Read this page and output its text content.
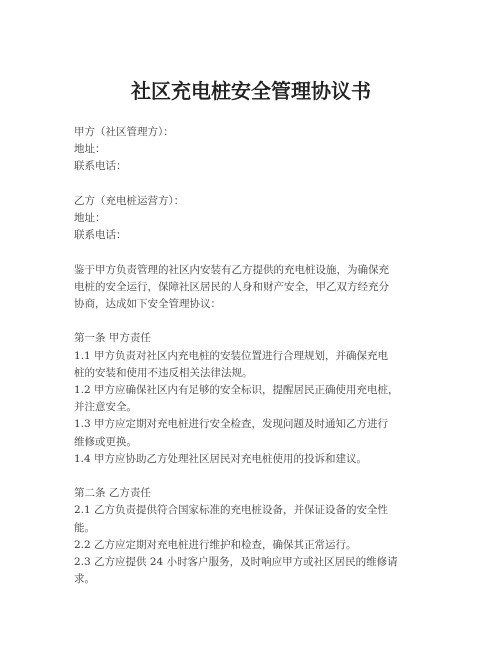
社区充电桩安全管理协议书
甲方（社区管理方）：
地址：
联系电话：
乙方（充电桩运营方）：
地址：
联系电话：
鉴于甲方负责管理的社区内安装有乙方提供的充电桩设施，为确保充
电桩的安全运行，保障社区居民的人身和财产安全，甲乙双方经充分
协商，达成如下安全管理协议：
第一条 甲方责任
1.1 甲方负责对社区内充电桩的安装位置进行合理规划，并确保充电
桩的安装和使用不违反相关法律法规。
1.2 甲方应确保社区内有足够的安全标识，提醒居民正确使用充电桩，
并注意安全。
1.3 甲方应定期对充电桩进行安全检查，发现问题及时通知乙方进行
维修或更换。
1.4 甲方应协助乙方处理社区居民对充电桩使用的投诉和建议。
第二条 乙方责任
2.1 乙方负责提供符合国家标准的充电桩设备，并保证设备的安全性
能。
2.2 乙方应定期对充电桩进行维护和检查，确保其正常运行。
2.3 乙方应提供 24 小时客户服务，及时响应甲方或社区居民的维修请
求。
